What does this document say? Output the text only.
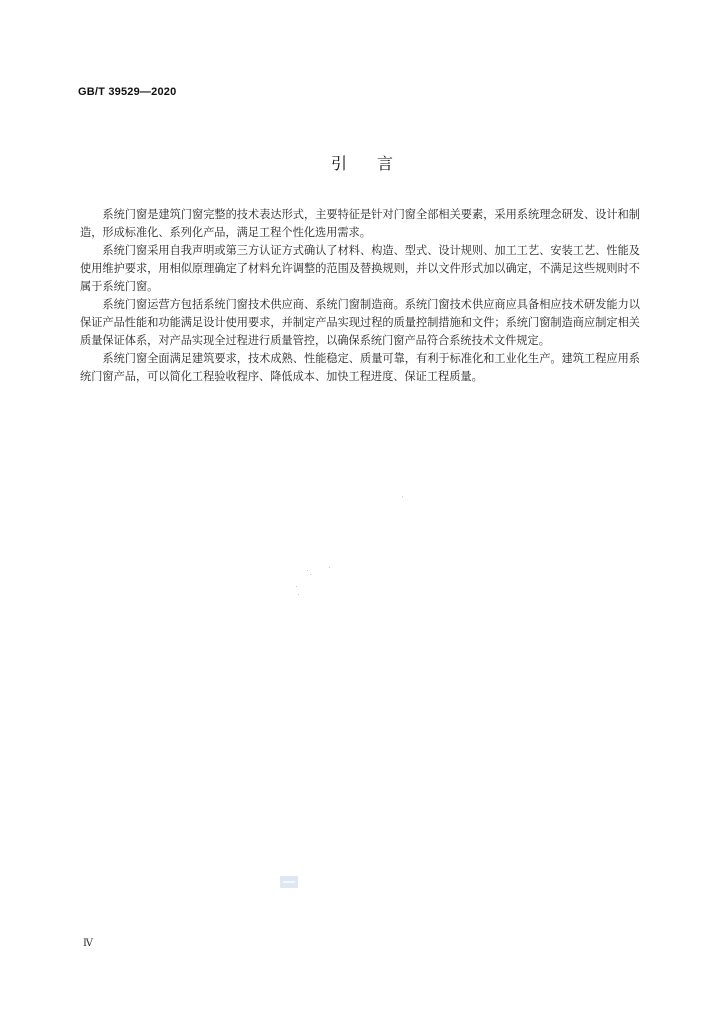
GB/T 39529—2020
引言

系统门窗是建筑门窗完整的技术表达形式，主要特征是针对门窗全部相关要素，采用系统理念研发、设计和制造，形成标准化、系列化产品，满足工程个性化选用需求。

系统门窗采用自我声明或第三方认证方式确认了材料、构造、型式、设计规则、加工工艺、安装工艺、性能及使用维护要求，用相似原理确定了材料允许调整的范围及替换规则，并以文件形式加以确定，不满足这些规则时不属于系统门窗。

系统门窗运营方包括系统门窗技术供应商、系统门窗制造商。系统门窗技术供应商应具备相应技术研发能力以保证产品性能和功能满足设计使用要求，并制定产品实现过程的质量控制措施和文件；系统门窗制造商应制定相关质量保证体系，对产品实现全过程进行质量管控，以确保系统门窗产品符合系统技术文件规定。

系统门窗全面满足建筑要求，技术成熟、性能稳定、质量可靠，有利于标准化和工业化生产。建筑工程应用系统门窗产品，可以简化工程验收程序、降低成本、加快工程进度、保证工程质量。

Ⅳ
